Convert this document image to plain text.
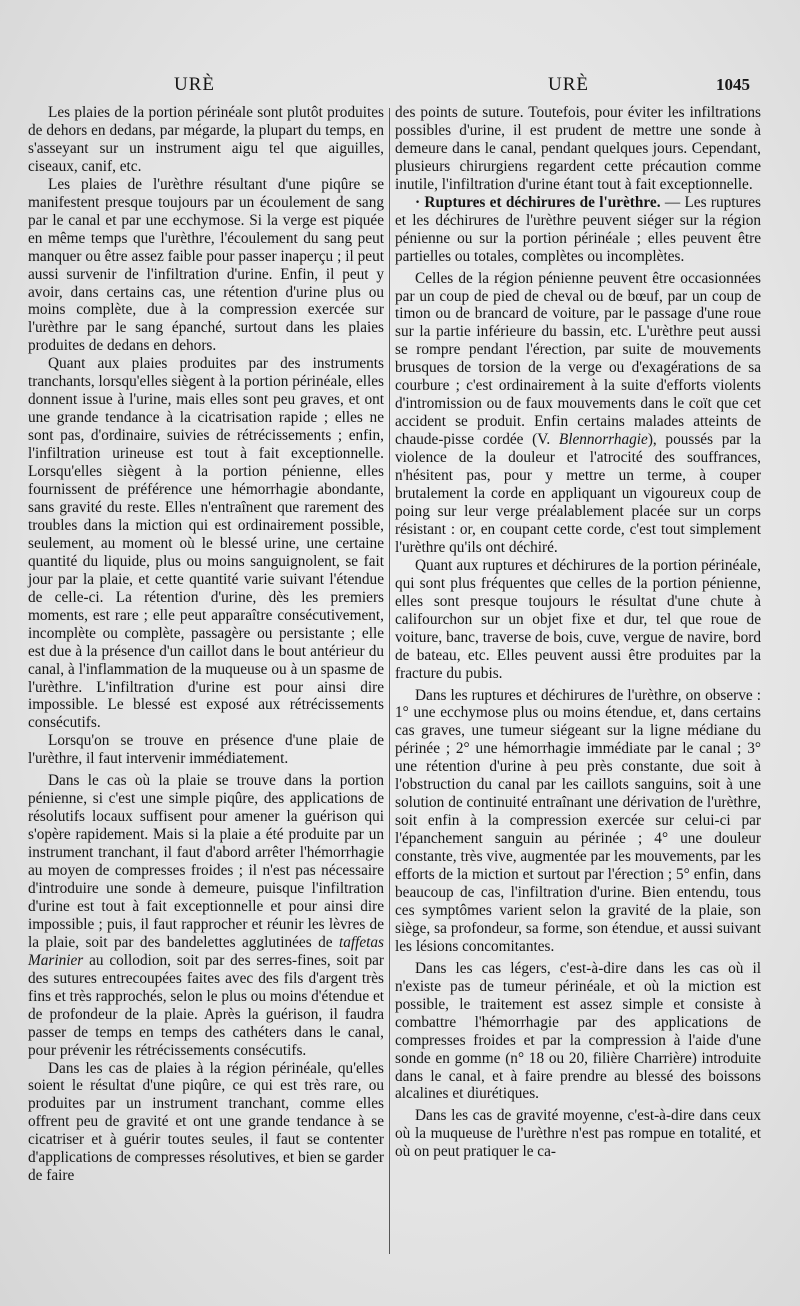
URÈ	URÈ	1045

Les plaies de la portion périnéale sont plutôt produites de dehors en dedans, par mégarde, la plupart du temps, en s'asseyant sur un instrument aigu tel que aiguilles, ciseaux, canif, etc.

Les plaies de l'urèthre résultant d'une piqûre se manifestent presque toujours par un écoulement de sang par le canal et par une ecchymose. Si la verge est piquée en même temps que l'urèthre, l'écoulement du sang peut manquer ou être assez faible pour passer inaperçu ; il peut aussi survenir de l'infiltration d'urine. Enfin, il peut y avoir, dans certains cas, une rétention d'urine plus ou moins complète, due à la compression exercée sur l'urèthre par le sang épanché, surtout dans les plaies produites de dedans en dehors.

Quant aux plaies produites par des instruments tranchants, lorsqu'elles siègent à la portion périnéale, elles donnent issue à l'urine, mais elles sont peu graves, et ont une grande tendance à la cicatrisation rapide ; elles ne sont pas, d'ordinaire, suivies de rétrécissements ; enfin, l'infiltration urineuse est tout à fait exceptionnelle. Lorsqu'elles siègent à la portion pénienne, elles fournissent de préférence une hémorrhagie abondante, sans gravité du reste. Elles n'entraînent que rarement des troubles dans la miction qui est ordinairement possible, seulement, au moment où le blessé urine, une certaine quantité du liquide, plus ou moins sanguignolent, se fait jour par la plaie, et cette quantité varie suivant l'étendue de celle-ci. La rétention d'urine, dès les premiers moments, est rare ; elle peut apparaître consécutivement, incomplète ou complète, passagère ou persistante ; elle est due à la présence d'un caillot dans le bout antérieur du canal, à l'inflammation de la muqueuse ou à un spasme de l'urèthre. L'infiltration d'urine est pour ainsi dire impossible. Le blessé est exposé aux rétrécissements consécutifs.

Lorsqu'on se trouve en présence d'une plaie de l'urèthre, il faut intervenir immédiatement.

Dans le cas où la plaie se trouve dans la portion pénienne, si c'est une simple piqûre, des applications de résolutifs locaux suffisent pour amener la guérison qui s'opère rapidement. Mais si la plaie a été produite par un instrument tranchant, il faut d'abord arrêter l'hémorrhagie au moyen de compresses froides ; il n'est pas nécessaire d'introduire une sonde à demeure, puisque l'infiltration d'urine est tout à fait exceptionnelle et pour ainsi dire impossible ; puis, il faut rapprocher et réunir les lèvres de la plaie, soit par des bandelettes agglutinées de taffetas Marinier au collodion, soit par des serres-fines, soit par des sutures entrecoupées faites avec des fils d'argent très fins et très rapprochés, selon le plus ou moins d'étendue et de profondeur de la plaie. Après la guérison, il faudra passer de temps en temps des cathéters dans le canal, pour prévenir les rétrécissements consécutifs.

Dans les cas de plaies à la région périnéale, qu'elles soient le résultat d'une piqûre, ce qui est très rare, ou produites par un instrument tranchant, comme elles offrent peu de gravité et ont une grande tendance à se cicatriser et à guérir toutes seules, il faut se contenter d'applications de compresses résolutives, et bien se garder de faire

des points de suture. Toutefois, pour éviter les infiltrations possibles d'urine, il est prudent de mettre une sonde à demeure dans le canal, pendant quelques jours. Cependant, plusieurs chirurgiens regardent cette précaution comme inutile, l'infiltration d'urine étant tout à fait exceptionnelle.

· Ruptures et déchirures de l'urèthre. — Les ruptures et les déchirures de l'urèthre peuvent siéger sur la région pénienne ou sur la portion périnéale ; elles peuvent être partielles ou totales, complètes ou incomplètes.

Celles de la région pénienne peuvent être occasionnées par un coup de pied de cheval ou de bœuf, par un coup de timon ou de brancard de voiture, par le passage d'une roue sur la partie inférieure du bassin, etc. L'urèthre peut aussi se rompre pendant l'érection, par suite de mouvements brusques de torsion de la verge ou d'exagérations de sa courbure ; c'est ordinairement à la suite d'efforts violents d'intromission ou de faux mouvements dans le coït que cet accident se produit. Enfin certains malades atteints de chaude-pisse cordée (V. Blennorrhagie), poussés par la violence de la douleur et l'atrocité des souffrances, n'hésitent pas, pour y mettre un terme, à couper brutalement la corde en appliquant un vigoureux coup de poing sur leur verge préalablement placée sur un corps résistant : or, en coupant cette corde, c'est tout simplement l'urèthre qu'ils ont déchiré.

Quant aux ruptures et déchirures de la portion périnéale, qui sont plus fréquentes que celles de la portion pénienne, elles sont presque toujours le résultat d'une chute à califourchon sur un objet fixe et dur, tel que roue de voiture, banc, traverse de bois, cuve, vergue de navire, bord de bateau, etc. Elles peuvent aussi être produites par la fracture du pubis.

Dans les ruptures et déchirures de l'urèthre, on observe : 1° une ecchymose plus ou moins étendue, et, dans certains cas graves, une tumeur siégeant sur la ligne médiane du périnée ; 2° une hémorrhagie immédiate par le canal ; 3° une rétention d'urine à peu près constante, due soit à l'obstruction du canal par les caillots sanguins, soit à une solution de continuité entraînant une dérivation de l'urèthre, soit enfin à la compression exercée sur celui-ci par l'épanchement sanguin au périnée ; 4° une douleur constante, très vive, augmentée par les mouvements, par les efforts de la miction et surtout par l'érection ; 5° enfin, dans beaucoup de cas, l'infiltration d'urine. Bien entendu, tous ces symptômes varient selon la gravité de la plaie, son siège, sa profondeur, sa forme, son étendue, et aussi suivant les lésions concomitantes.

Dans les cas légers, c'est-à-dire dans les cas où il n'existe pas de tumeur périnéale, et où la miction est possible, le traitement est assez simple et consiste à combattre l'hémorrhagie par des applications de compresses froides et par la compression à l'aide d'une sonde en gomme (n° 18 ou 20, filière Charrière) introduite dans le canal, et à faire prendre au blessé des boissons alcalines et diurétiques.

Dans les cas de gravité moyenne, c'est-à-dire dans ceux où la muqueuse de l'urèthre n'est pas rompue en totalité, et où on peut pratiquer le ca-
